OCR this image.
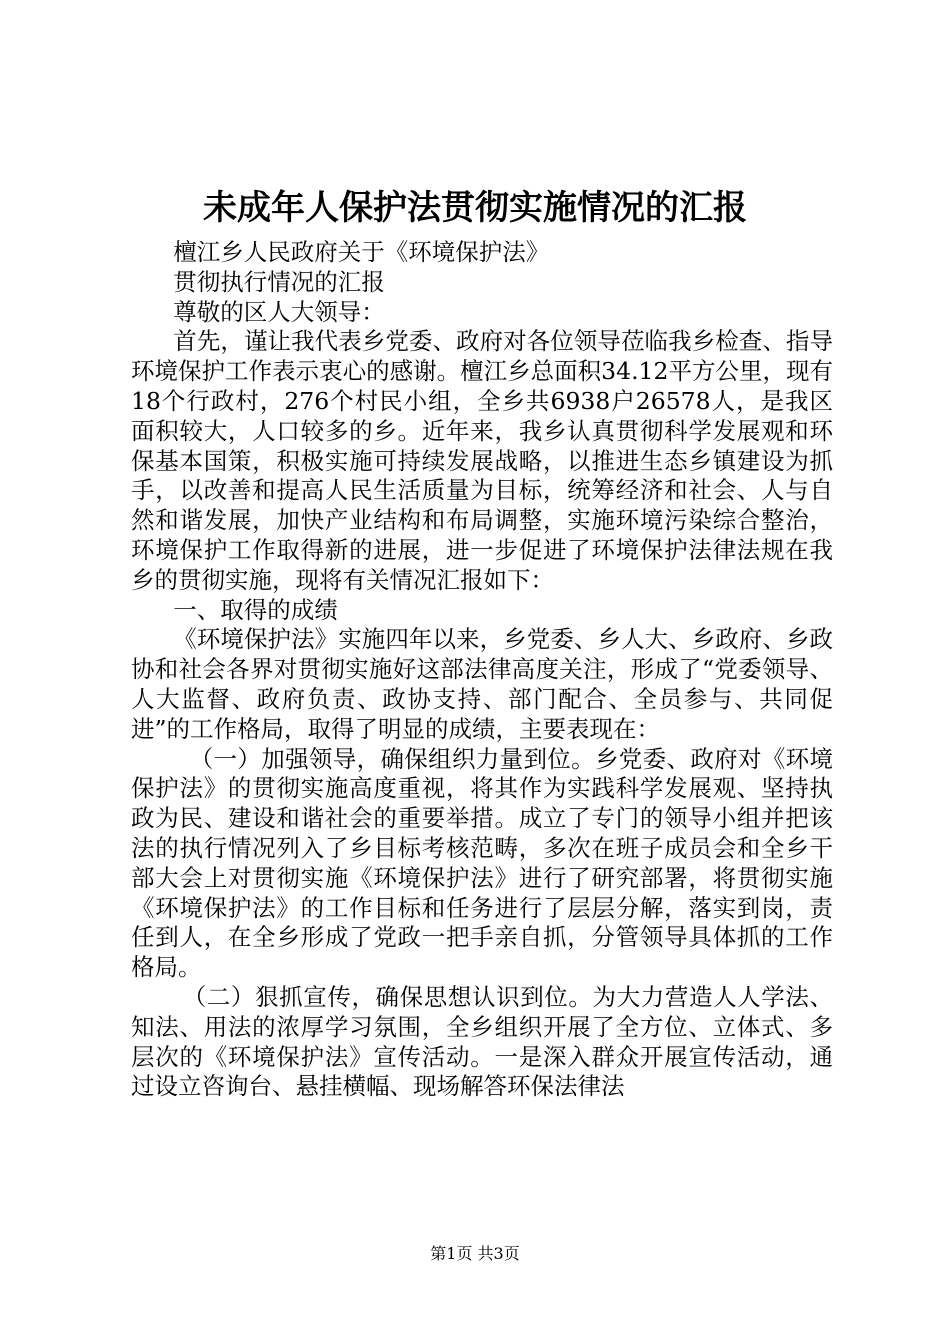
未成年人保护法贯彻实施情况的汇报

檀江乡人民政府关于《环境保护法》

贯彻执行情况的汇报

尊敬的区人大领导：

首先，谨让我代表乡党委、政府对各位领导莅临我乡检查、指导环境保护工作表示衷心的感谢。檀江乡总面积34.12平方公里，现有18个行政村，276个村民小组，全乡共6938户26578人，是我区面积较大，人口较多的乡。近年来，我乡认真贯彻科学发展观和环保基本国策，积极实施可持续发展战略，以推进生态乡镇建设为抓手，以改善和提高人民生活质量为目标，统筹经济和社会、人与自然和谐发展，加快产业结构和布局调整，实施环境污染综合整治，环境保护工作取得新的进展，进一步促进了环境保护法律法规在我乡的贯彻实施，现将有关情况汇报如下：

一、取得的成绩

《环境保护法》实施四年以来，乡党委、乡人大、乡政府、乡政协和社会各界对贯彻实施好这部法律高度关注，形成了“党委领导、人大监督、政府负责、政协支持、部门配合、全员参与、共同促进”的工作格局，取得了明显的成绩，主要表现在：

（一）加强领导，确保组织力量到位。乡党委、政府对《环境保护法》的贯彻实施高度重视，将其作为实践科学发展观、坚持执政为民、建设和谐社会的重要举措。成立了专门的领导小组并把该法的执行情况列入了乡目标考核范畴，多次在班子成员会和全乡干部大会上对贯彻实施《环境保护法》进行了研究部署，将贯彻实施《环境保护法》的工作目标和任务进行了层层分解，落实到岗，责任到人，在全乡形成了党政一把手亲自抓，分管领导具体抓的工作格局。

（二）狠抓宣传，确保思想认识到位。为大力营造人人学法、知法、用法的浓厚学习氛围，全乡组织开展了全方位、立体式、多层次的《环境保护法》宣传活动。一是深入群众开展宣传活动，通过设立咨询台、悬挂横幅、现场解答环保法律法

第1页 共3页
